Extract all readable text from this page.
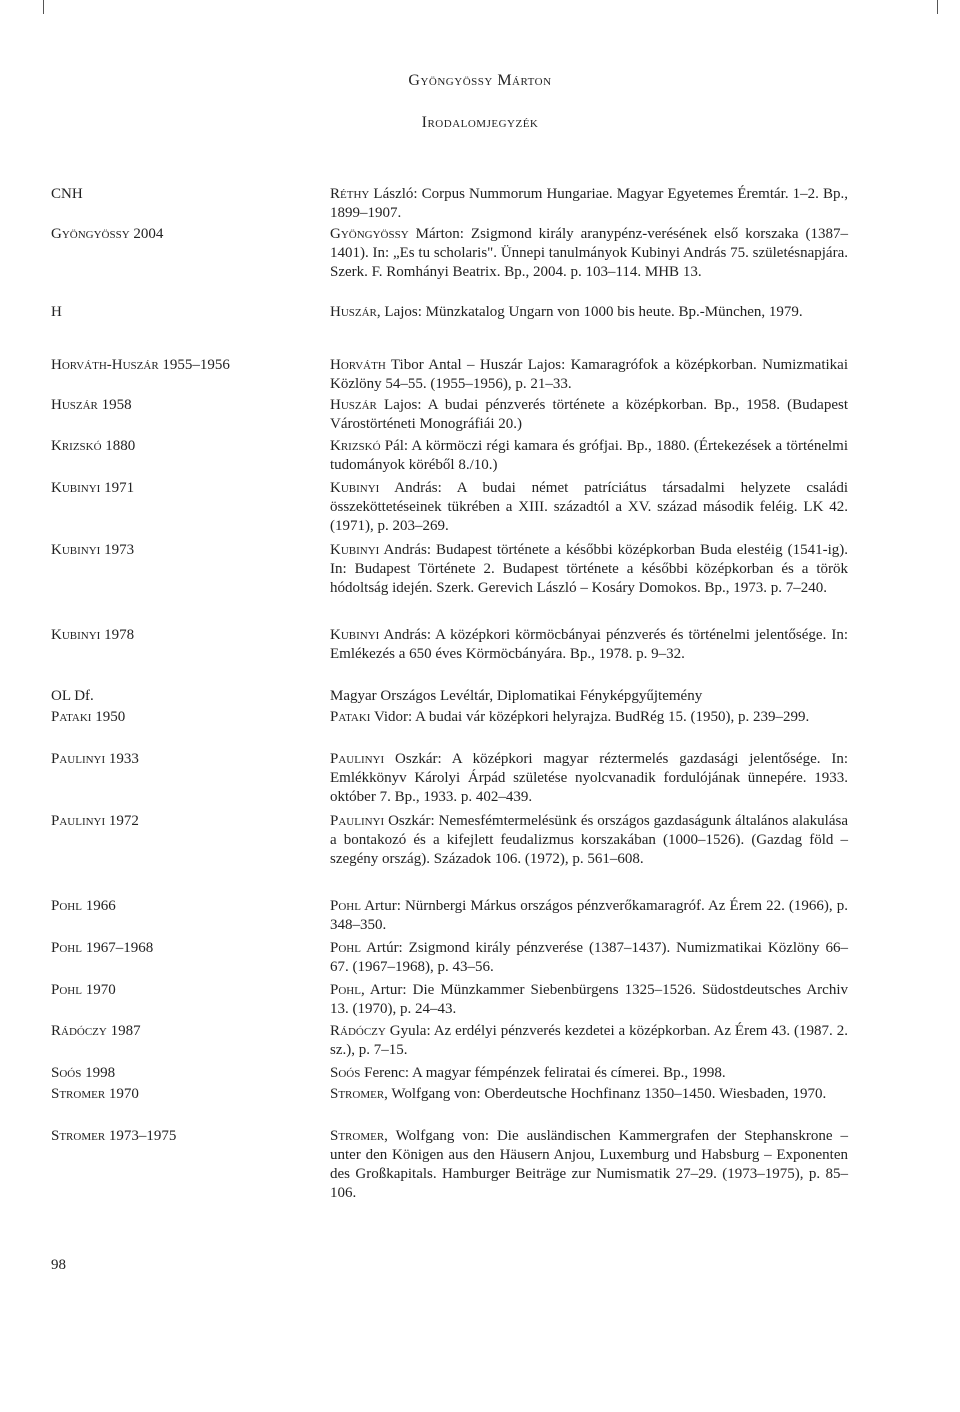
Gyöngyössy Márton
Irodalomjegyzék
CNH
Gyöngyössy 2004
H
Horváth-Huszár 1955–1956
Huszár 1958
Krizskó 1880
Kubinyi 1971
Kubinyi 1973
Kubinyi 1978
OL Df.
Pataki 1950
Paulinyi 1933
Paulinyi 1972
Pohl 1966
Pohl 1967–1968
Pohl 1970
Rádóczy 1987
Soós 1998
Stromer 1970
Stromer 1973–1975
Réthy László: Corpus Nummorum Hungariae. Magyar Egyetemes Éremtár. 1–2. Bp., 1899–1907.
Gyöngyössy Márton: Zsigmond király aranypénz-verésének első korszaka (1387–1401). In: „Es tu scholaris". Ünnepi tanulmányok Kubinyi András 75. születésnapjára. Szerk. F. Romhányi Beatrix. Bp., 2004. p. 103–114. MHB 13.
Huszár, Lajos: Münzkatalog Ungarn von 1000 bis heute. Bp.-München, 1979.
Horváth Tibor Antal – Huszár Lajos: Kamaragrófok a középkorban. Numizmatikai Közlöny 54–55. (1955–1956), p. 21–33.
Huszár Lajos: A budai pénzverés története a középkorban. Bp., 1958. (Budapest Várostörténeti Monográfiái 20.)
Krizskó Pál: A körmöczi régi kamara és grófjai. Bp., 1880. (Értekezések a történelmi tudományok köréből 8./10.)
Kubinyi András: A budai német patríciátus társadalmi helyzete családi összeköttetéseinek tükrében a XIII. századtól a XV. század második feléig. LK 42. (1971), p. 203–269.
Kubinyi András: Budapest története a későbbi középkorban Buda elestéig (1541-ig). In: Budapest Története 2. Budapest története a későbbi középkorban és a török hódoltság idején. Szerk. Gerevich László – Kosáry Domokos. Bp., 1973. p. 7–240.
Kubinyi András: A középkori körmöcbányai pénzverés és történelmi jelentősége. In: Emlékezés a 650 éves Körmöcbányára. Bp., 1978. p. 9–32.
Magyar Országos Levéltár, Diplomatikai Fényképgyűjtemény
Pataki Vidor: A budai vár középkori helyrajza. BudRég 15. (1950), p. 239–299.
Paulinyi Oszkár: A középkori magyar réztermelés gazdasági jelentősége. In: Emlékkönyv Károlyi Árpád születése nyolcvanadik fordulójának ünnepére. 1933. október 7. Bp., 1933. p. 402–439.
Paulinyi Oszkár: Nemesfémtermelésünk és országos gazdaságunk általános alakulása a bontakozó és a kifejlett feudalizmus korszakában (1000–1526). (Gazdag föld – szegény ország). Századok 106. (1972), p. 561–608.
Pohl Artur: Nürnbergi Márkus országos pénzverőkamaragróf. Az Érem 22. (1966), p. 348–350.
Pohl Artúr: Zsigmond király pénzverése (1387–1437). Numizmatikai Közlöny 66–67. (1967–1968), p. 43–56.
Pohl, Artur: Die Münzkammer Siebenbürgens 1325–1526. Südostdeutsches Archiv 13. (1970), p. 24–43.
Rádóczy Gyula: Az erdélyi pénzverés kezdetei a középkorban. Az Érem 43. (1987. 2. sz.), p. 7–15.
Soós Ferenc: A magyar fémpénzek feliratai és címerei. Bp., 1998.
Stromer, Wolfgang von: Oberdeutsche Hochfinanz 1350–1450. Wiesbaden, 1970.
Stromer, Wolfgang von: Die ausländischen Kammergrafen der Stephanskrone – unter den Königen aus den Häusern Anjou, Luxemburg und Habsburg – Exponenten des Großkapitals. Hamburger Beiträge zur Numismatik 27–29. (1973–1975), p. 85–106.
98
